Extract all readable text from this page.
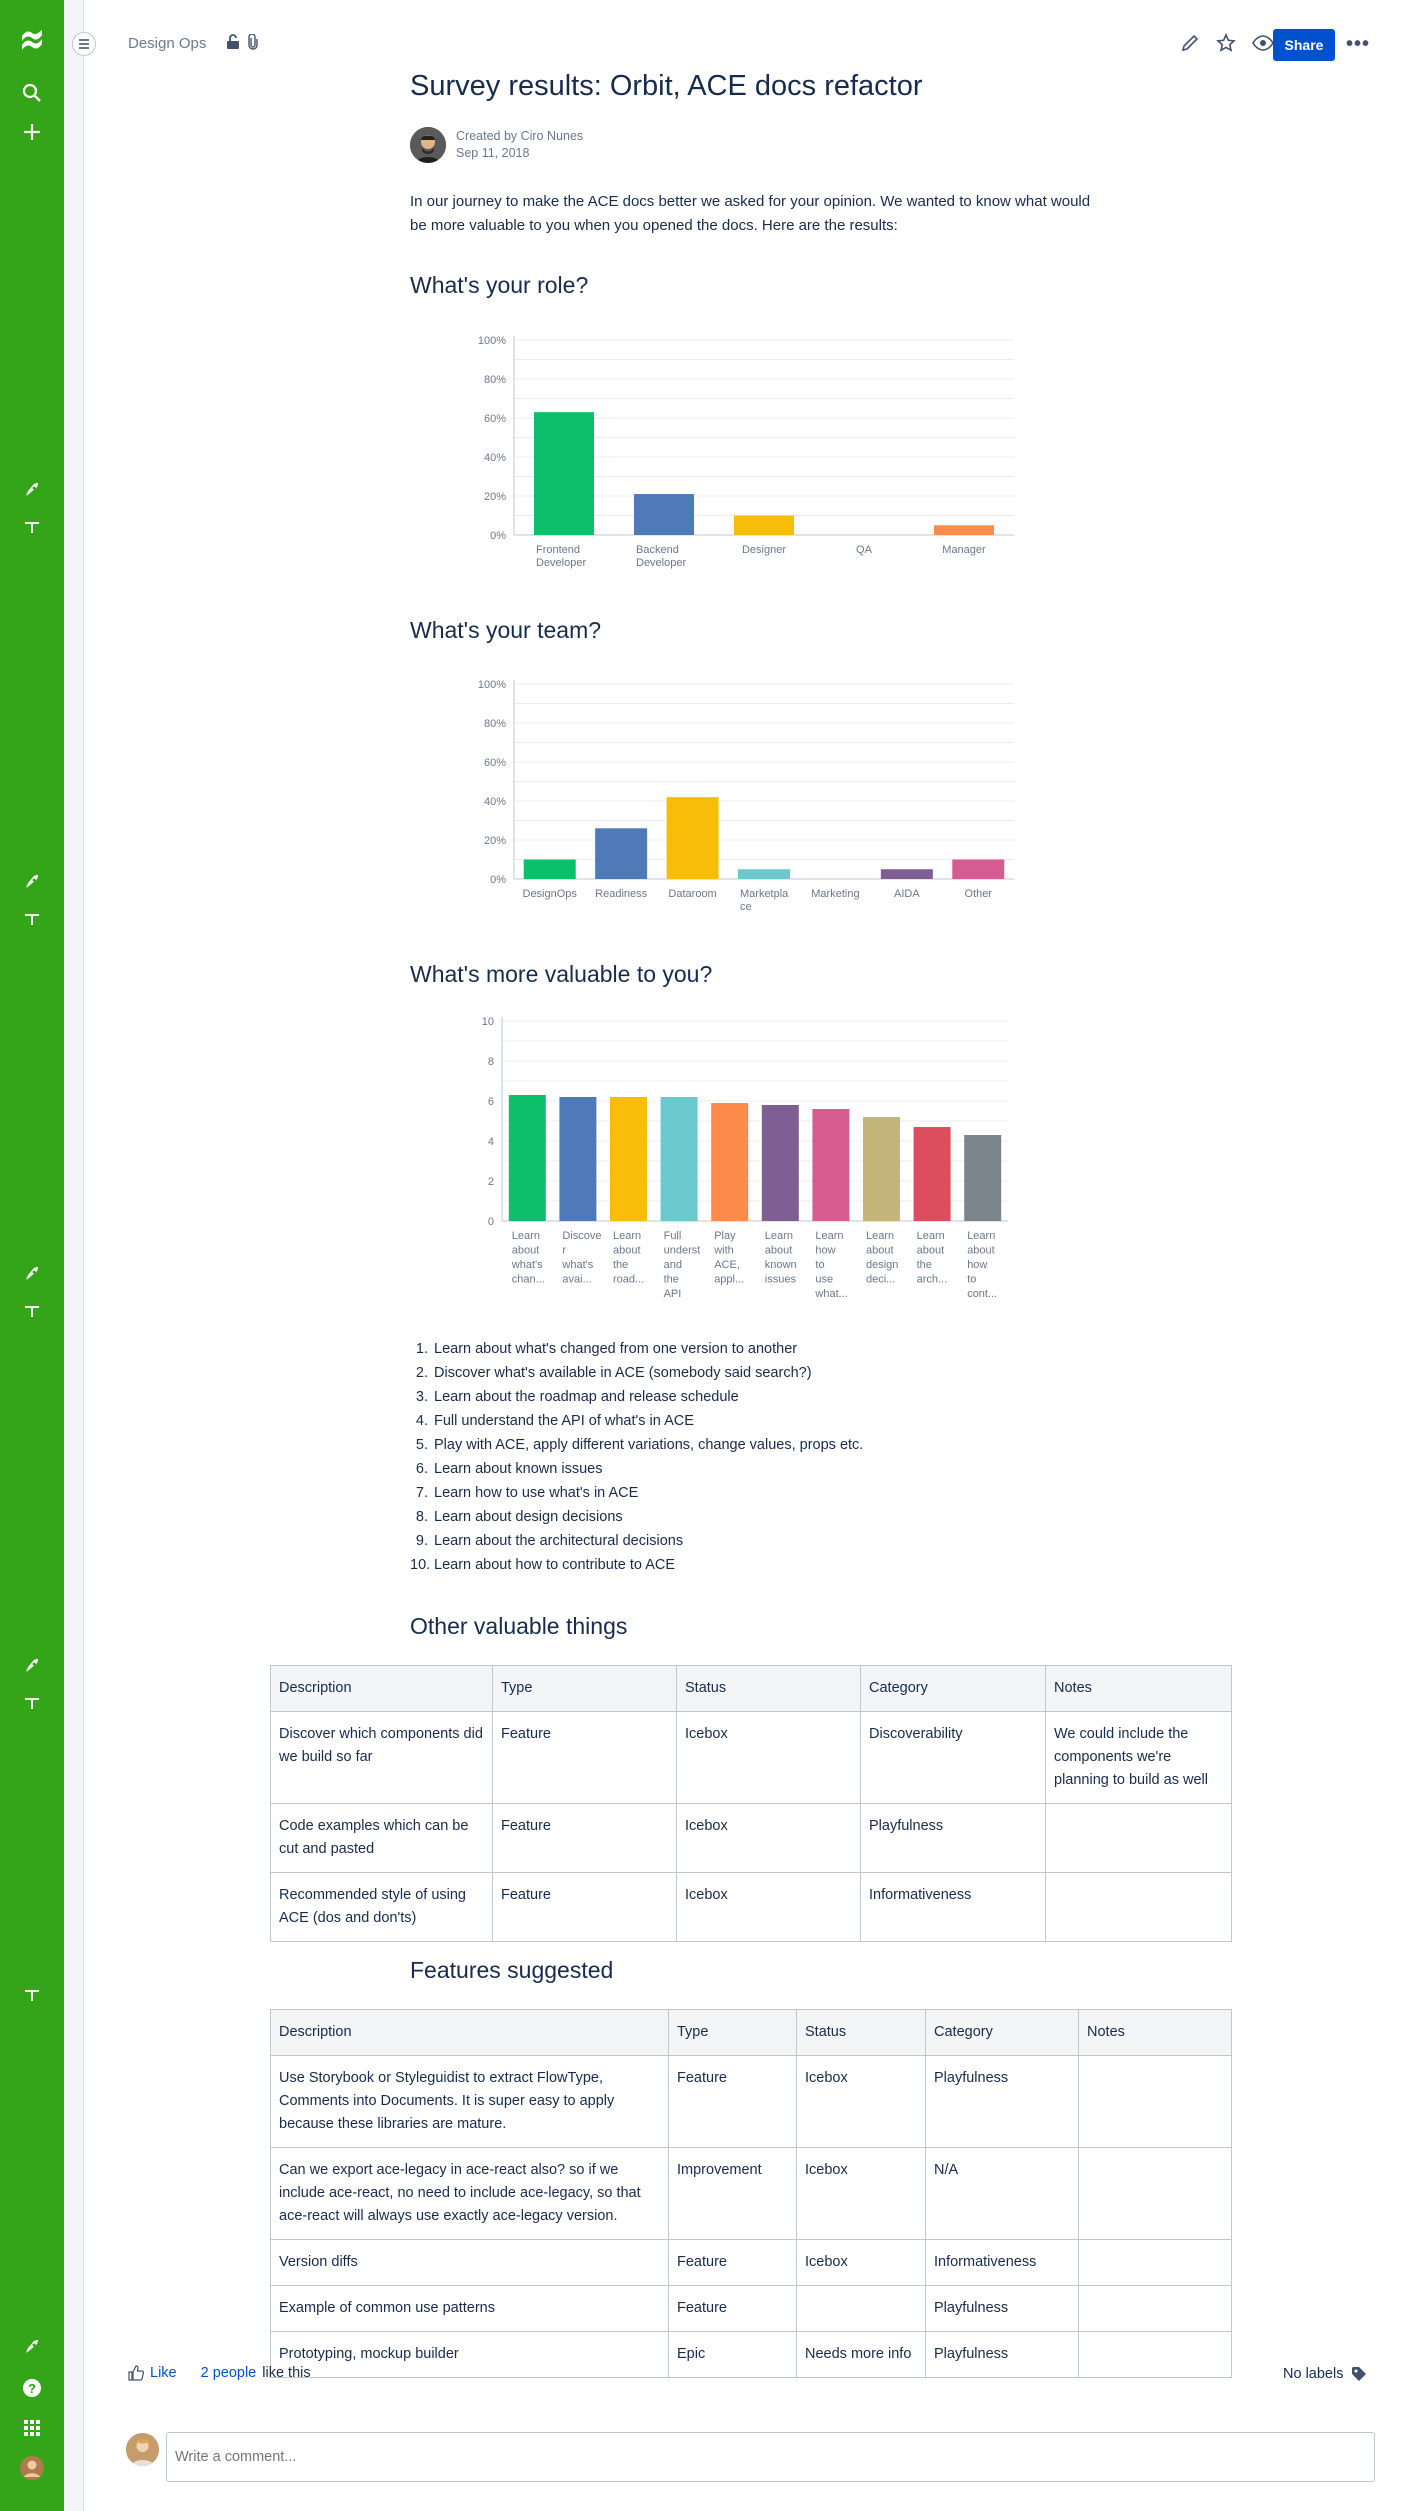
?
Design Ops	Share	•••
Survey results: Orbit, ACE docs refactor
Created by Ciro Nunes
Sep 11, 2018

In our journey to make the ACE docs better we asked for your opinion. We wanted to know what would be more valuable to you when you opened the docs. Here are the results:

What's your role?
0%
20%
40%
60%
80%
100%
Frontend Developer
Backend Developer
Designer	QA	Manager
What's your team?
0%
20%
40%
60%
80%
100%
DesignOps Readiness Dataroom Marketpla ce
Marketing	AIDA	Other
What's more valuable to you?
0
2
4
6
8
10
Learn about what's chan...
Discove r what's avai...
Learn about the road...
Full underst and the API
Play with ACE, appl...
Learn about known issues
Learn how to use what...
Learn about design deci...
Learn about the arch...
Learn about how to cont...
1. Learn about what's changed from one version to another
2. Discover what's available in ACE (somebody said search?)
3. Learn about the roadmap and release schedule
4. Full understand the API of what's in ACE
5. Play with ACE, apply different variations, change values, props etc.
6. Learn about known issues
7. Learn how to use what's in ACE
8. Learn about design decisions
9. Learn about the architectural decisions
10. Learn about how to contribute to ACE
Other valuable things
Description	Type	Status	Category	Notes
Discover which components did we build so far	Feature	Icebox	Discoverability	We could include the components we're planning to build as well
Code examples which can be cut and pasted	Feature	Icebox	Playfulness	
Recommended style of using ACE (dos and don'ts)	Feature	Icebox	Informativeness	
Features suggested
Description	Type	Status	Category	Notes
Use Storybook or Styleguidist to extract FlowType, Comments into Documents. It is super easy to apply because these libraries are mature.	Feature	Icebox	Playfulness	
Can we export ace-legacy in ace-react also? so if we include ace-react, no need to include ace-legacy, so that ace-react will always use exactly ace-legacy version.	Improvement	Icebox	N/A	
Version diffs	Feature	Icebox	Informativeness	
Example of common use patterns	Feature		Playfulness	
Prototyping, mockup builder	Epic	Needs more info	Playfulness	
Like 2 people like this	No labels
Write a comment...
